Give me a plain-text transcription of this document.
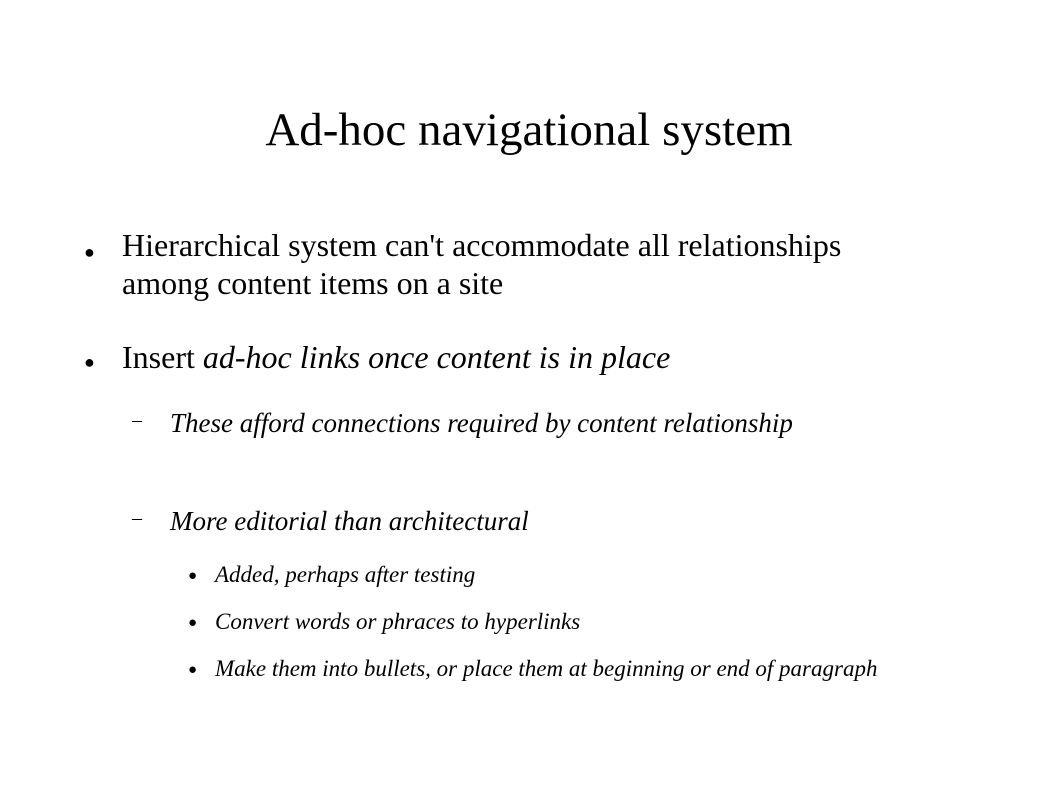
Ad-hoc navigational system
● Hierarchical system can't accommodate all relationships among content items on a site

● Insert ad-hoc links once content is in place

– These afford connections required by content relationship

– More editorial than architectural

● Added, perhaps after testing

● Convert words or phraces to hyperlinks

● Make them into bullets, or place them at beginning or end of paragraph
